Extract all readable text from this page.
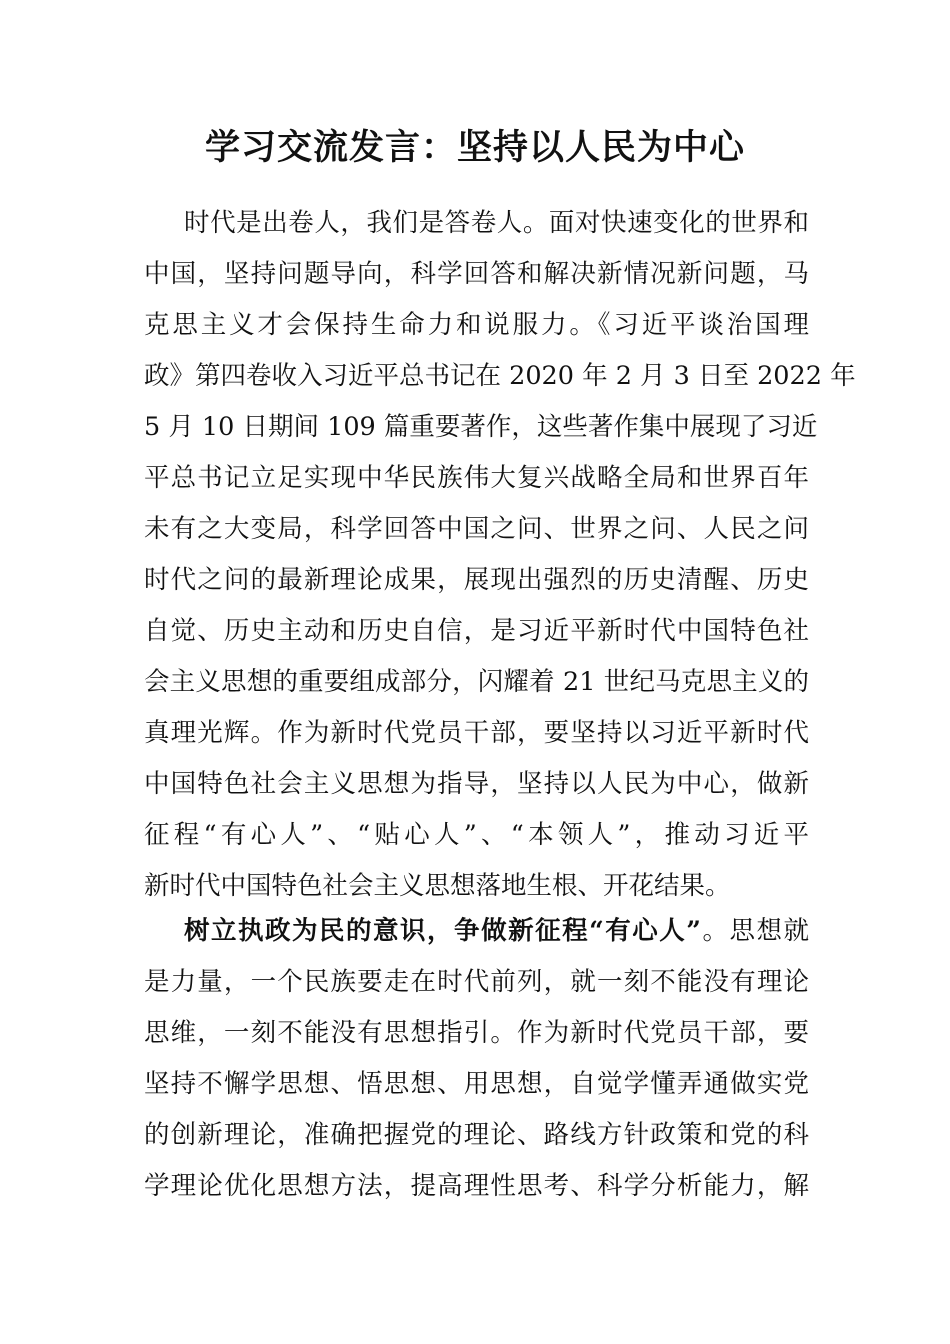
学习交流发言：坚持以人民为中心
时代是出卷人，我们是答卷人。面对快速变化的世界和
中国，坚持问题导向，科学回答和解决新情况新问题，马
克思主义才会保持生命力和说服力。《习近平谈治国理
政》第四卷收入习近平总书记在 2020 年 2 月 3 日至 2022 年
5 月 10 日期间 109 篇重要著作，这些著作集中展现了习近
平总书记立足实现中华民族伟大复兴战略全局和世界百年
未有之大变局，科学回答中国之问、世界之问、人民之问
时代之问的最新理论成果，展现出强烈的历史清醒、历史
自觉、历史主动和历史自信，是习近平新时代中国特色社
会主义思想的重要组成部分，闪耀着 21 世纪马克思主义的
真理光辉。作为新时代党员干部，要坚持以习近平新时代
中国特色社会主义思想为指导，坚持以人民为中心，做新
征程“有心人”、“贴心人”、“本领人”，推动习近平
新时代中国特色社会主义思想落地生根、开花结果。
树立执政为民的意识，争做新征程“有心人”。思想就
是力量，一个民族要走在时代前列，就一刻不能没有理论
思维，一刻不能没有思想指引。作为新时代党员干部，要
坚持不懈学思想、悟思想、用思想，自觉学懂弄通做实党
的创新理论，准确把握党的理论、路线方针政策和党的科
学理论优化思想方法，提高理性思考、科学分析能力，解
